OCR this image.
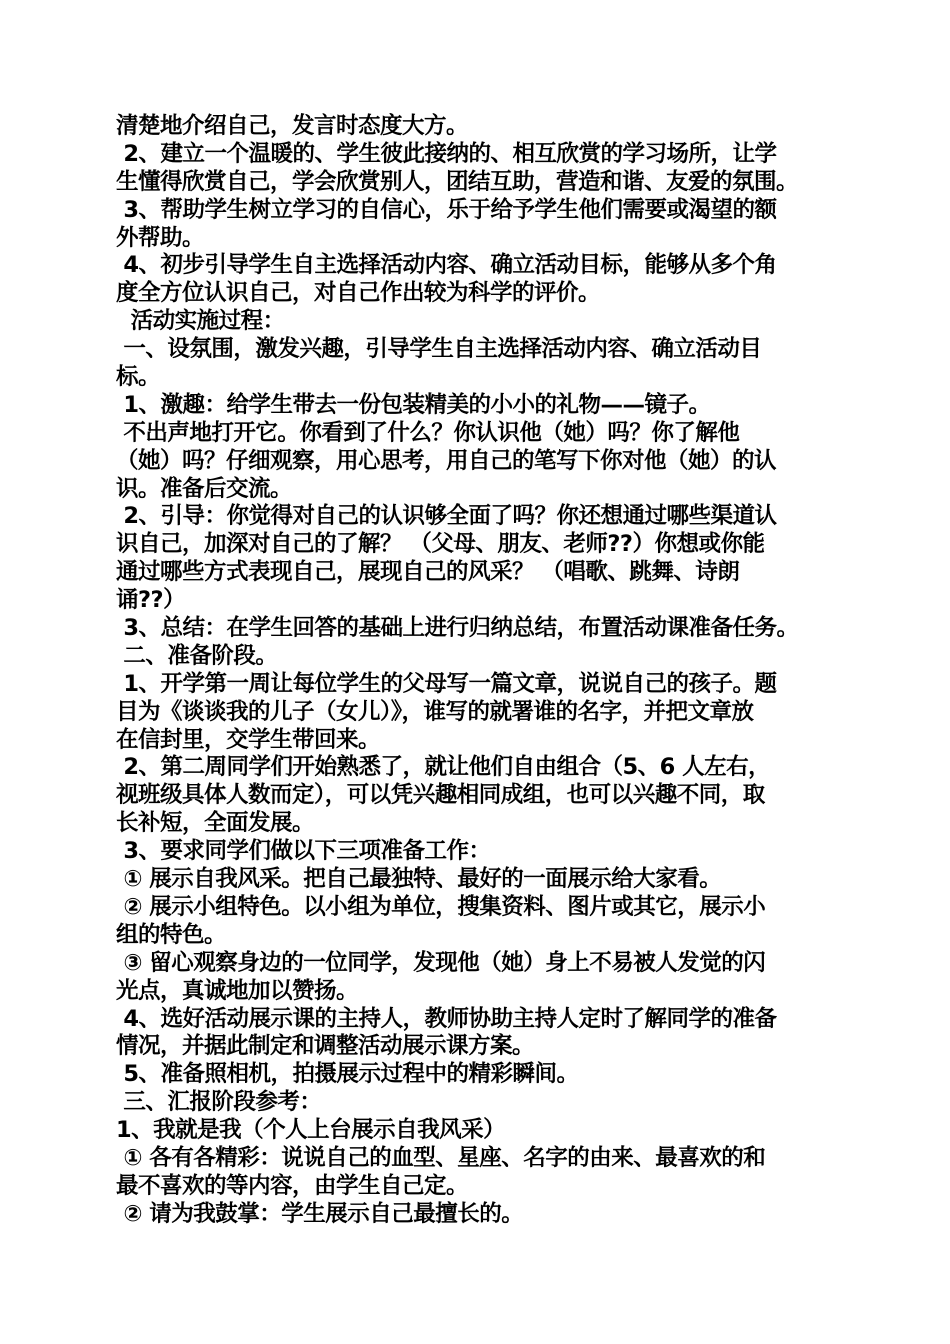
清楚地介绍自己，发言时态度大方。
2、建立一个温暖的、学生彼此接纳的、相互欣赏的学习场所，让学
生懂得欣赏自己，学会欣赏别人，团结互助，营造和谐、友爱的氛围。
3、帮助学生树立学习的自信心，乐于给予学生他们需要或渴望的额
外帮助。
4、初步引导学生自主选择活动内容、确立活动目标，能够从多个角
度全方位认识自己，对自己作出较为科学的评价。
活动实施过程：
一、设氛围，激发兴趣，引导学生自主选择活动内容、确立活动目
标。
1、激趣：给学生带去一份包装精美的小小的礼物——镜子。
不出声地打开它。你看到了什么？你认识他（她）吗？你了解他
（她）吗？仔细观察，用心思考，用自己的笔写下你对他（她）的认
识。准备后交流。
2、引导：你觉得对自己的认识够全面了吗？你还想通过哪些渠道认
识自己，加深对自己的了解？ （父母、朋友、老师??）你想或你能
通过哪些方式表现自己，展现自己的风采？ （唱歌、跳舞、诗朗
诵??）
3、总结：在学生回答的基础上进行归纳总结，布置活动课准备任务。
二、准备阶段。
1、开学第一周让每位学生的父母写一篇文章，说说自己的孩子。题
目为《谈谈我的儿子（女儿）》，谁写的就署谁的名字，并把文章放
在信封里，交学生带回来。
2、第二周同学们开始熟悉了，就让他们自由组合（5、6 人左右，
视班级具体人数而定），可以凭兴趣相同成组，也可以兴趣不同，取
长补短，全面发展。
3、要求同学们做以下三项准备工作：
① 展示自我风采。把自己最独特、最好的一面展示给大家看。
② 展示小组特色。以小组为单位，搜集资料、图片或其它，展示小
组的特色。
③ 留心观察身边的一位同学，发现他（她）身上不易被人发觉的闪
光点，真诚地加以赞扬。
4、选好活动展示课的主持人，教师协助主持人定时了解同学的准备
情况，并据此制定和调整活动展示课方案。
5、准备照相机，拍摄展示过程中的精彩瞬间。
三、汇报阶段参考：
1、我就是我（个人上台展示自我风采）
① 各有各精彩：说说自己的血型、星座、名字的由来、最喜欢的和
最不喜欢的等内容，由学生自己定。
② 请为我鼓掌：学生展示自己最擅长的。
